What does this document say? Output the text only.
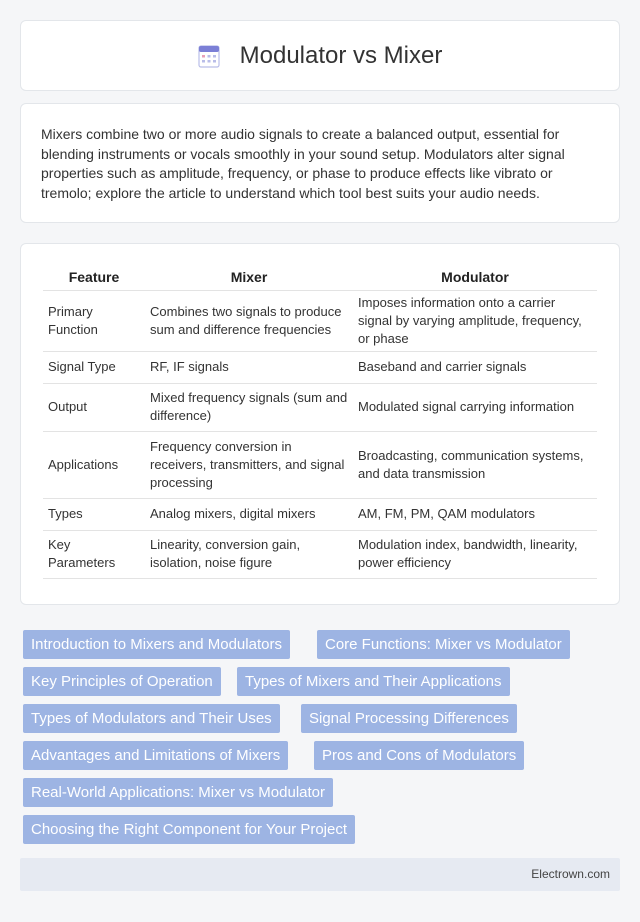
Modulator vs Mixer

Mixers combine two or more audio signals to create a balanced output, essential for blending instruments or vocals smoothly in your sound setup. Modulators alter signal properties such as amplitude, frequency, or phase to produce effects like vibrato or tremolo; explore the article to understand which tool best suits your audio needs.

Feature	Mixer	Modulator
Primary Function	Combines two signals to produce sum and difference frequencies	Imposes information onto a carrier signal by varying amplitude, frequency, or phase
Signal Type	RF, IF signals	Baseband and carrier signals
Output	Mixed frequency signals (sum and difference)	Modulated signal carrying information
Applications	Frequency conversion in receivers, transmitters, and signal processing	Broadcasting, communication systems, and data transmission
Types	Analog mixers, digital mixers	AM, FM, PM, QAM modulators
Key Parameters	Linearity, conversion gain, isolation, noise figure	Modulation index, bandwidth, linearity, power efficiency
Introduction to Mixers and Modulators	Core Functions: Mixer vs Modulator
Key Principles of Operation	Types of Mixers and Their Applications
Types of Modulators and Their Uses	Signal Processing Differences
Advantages and Limitations of Mixers	Pros and Cons of Modulators
Real-World Applications: Mixer vs Modulator
Choosing the Right Component for Your Project
Electrown.com
